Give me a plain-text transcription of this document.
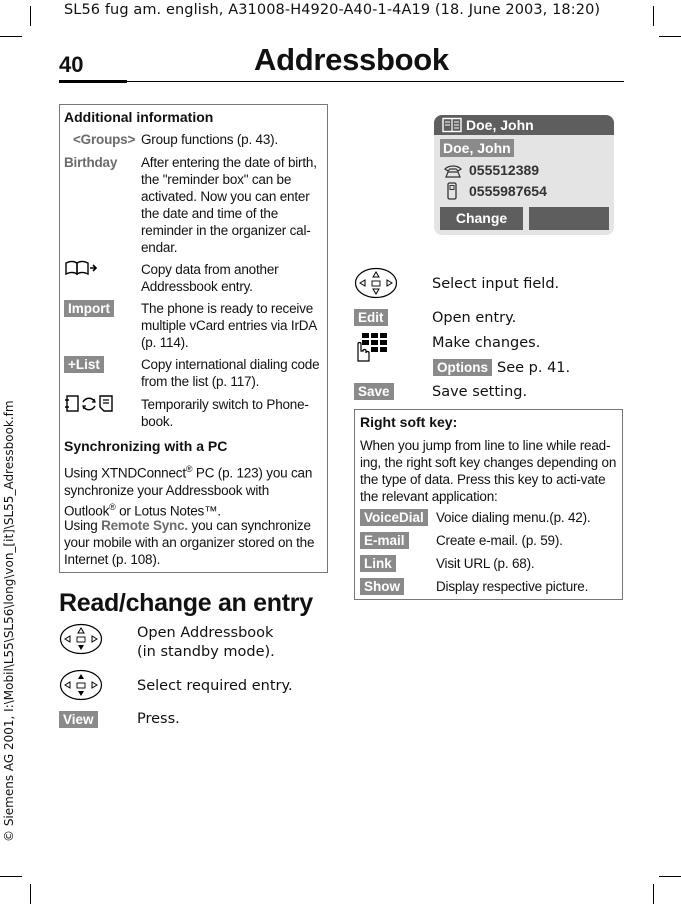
SL56 fug am. english, A31008-H4920-A40-1-4A19 (18. June 2003, 18:20)
© Siemens AG 2001, I:\Mobil\L55\SL56\long\von_[it]\SL55_Adressbook.fm
40	Addressbook
Additional information
<Groups> Group functions (p. 43).
Birthday After entering the date of birth, the "reminder box" can be activated. Now you can enter the date and time of the reminder in the organizer cal-endar.
Copy data from another Addressbook entry.
Import The phone is ready to receive multiple vCard entries via IrDA (p. 114).
+List	Copy international dialing code from the list (p. 117).
Temporarily switch to Phone-book.
Synchronizing with a PC
Using XTNDConnect® PC (p. 123) you can synchronize your Addressbook with Outlook® or Lotus Notes™.
Using Remote Sync. you can synchronize your mobile with an organizer stored on the Internet (p. 108).
Read/change an entry
Open Addressbook
(in standby mode).
Select required entry.
View	Press.
Doe, John
Doe, John
055512389
0555987654
Change
Select input field.
Edit	Open entry.
Make changes.
Options See p. 41.
Save	Save setting.
Right soft key:
When you jump from line to line while read-ing, the right soft key changes depending on the type of data. Press this key to acti-vate the relevant application:
VoiceDial Voice dialing menu.(p. 42).
E-mail Create e-mail. (p. 59).
Link	Visit URL (p. 68).
Show	Display respective picture.
